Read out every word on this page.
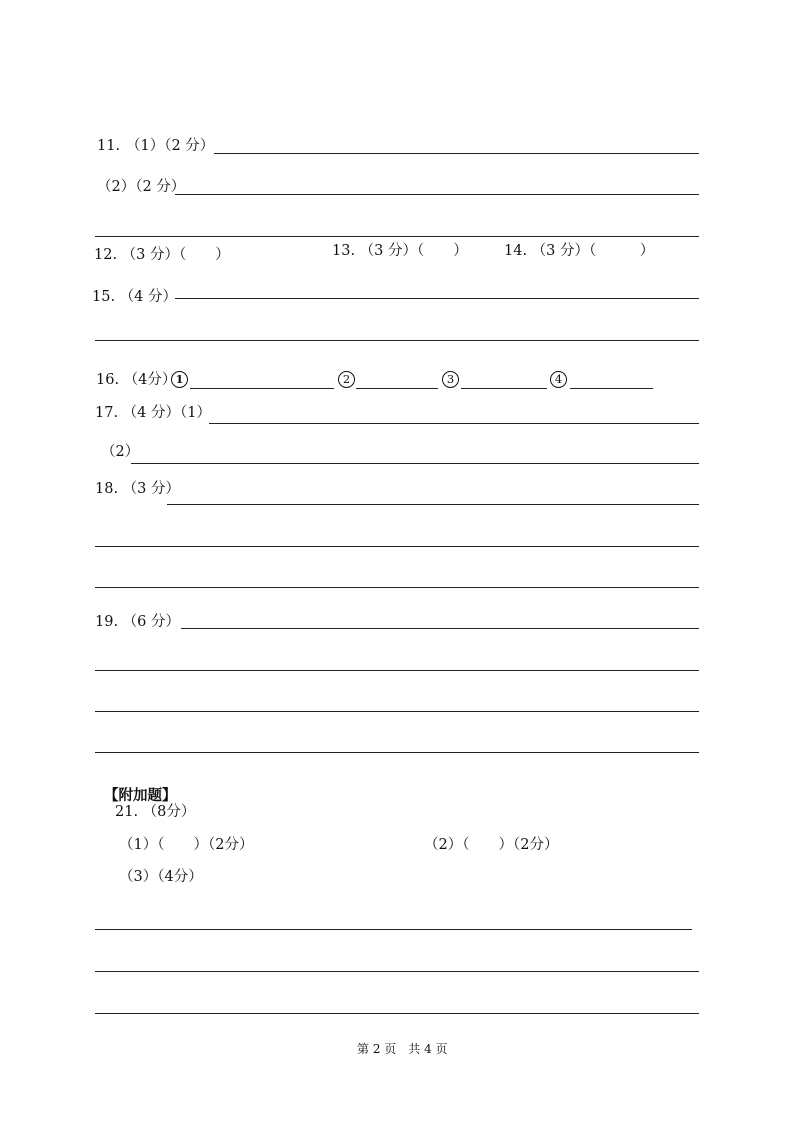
11. （1）（2 分）
（2）（2 分）
12. （3 分）（　　）	13. （3 分）（　　） 14. （3 分）（　　　）
15. （4 分）
16. （4分） 1	2	3	4
17. （4 分）（1）
（2）
18. （3 分）
19. （6 分）
【附加题】
21. （8分）
（1）（　　）（2分）	（2）（　　）（2分）
（3）（4分）
第 2 页　共 4 页
